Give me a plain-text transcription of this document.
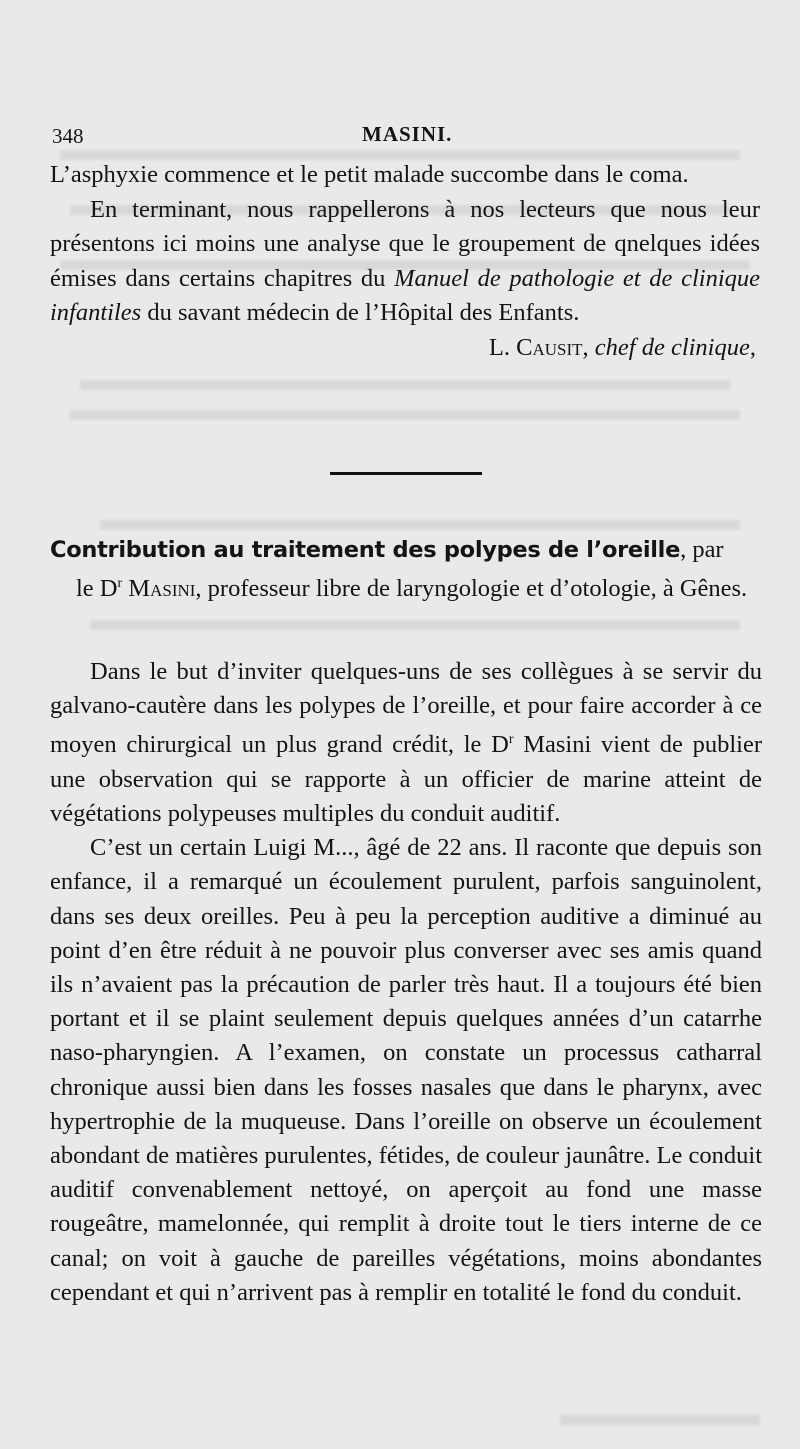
348	MASINI.

L’asphyxie commence et le petit malade succombe dans le coma.

En terminant, nous rappellerons à nos lecteurs que nous leur présentons ici moins une analyse que le groupement de qnelques idées émises dans certains chapitres du Manuel de pathologie et de clinique infantiles du savant médecin de l’Hôpital des Enfants.

L. Causit, chef de clinique,

Contribution au traitement des polypes de l’oreille, par

le $D^r$ Masini, professeur libre de laryngologie et d’otologie, à Gênes.

Dans le but d’inviter quelques-uns de ses collègues à se servir du galvano-cautère dans les polypes de l’oreille, et pour faire accorder à ce moyen chirurgical un plus grand crédit, le $D^r$ Masini vient de publier une observation qui se rapporte à un officier de marine atteint de végétations polypeuses multiples du conduit auditif.

C’est un certain Luigi M..., âgé de 22 ans. Il raconte que depuis son enfance, il a remarqué un écoulement purulent, parfois sanguinolent, dans ses deux oreilles. Peu à peu la perception auditive a diminué au point d’en être réduit à ne pouvoir plus converser avec ses amis quand ils n’avaient pas la précaution de parler très haut. Il a toujours été bien portant et il se plaint seulement depuis quelques années d’un catarrhe naso-pharyngien. A l’examen, on constate un processus catharral chronique aussi bien dans les fosses nasales que dans le pharynx, avec hypertrophie de la muqueuse. Dans l’oreille on observe un écoulement abondant de matières purulentes, fétides, de couleur jaunâtre. Le conduit auditif convenablement nettoyé, on aperçoit au fond une masse rougeâtre, mamelonnée, qui remplit à droite tout le tiers interne de ce canal; on voit à gauche de pareilles végétations, moins abondantes cependant et qui n’arrivent pas à remplir en totalité le fond du conduit.
